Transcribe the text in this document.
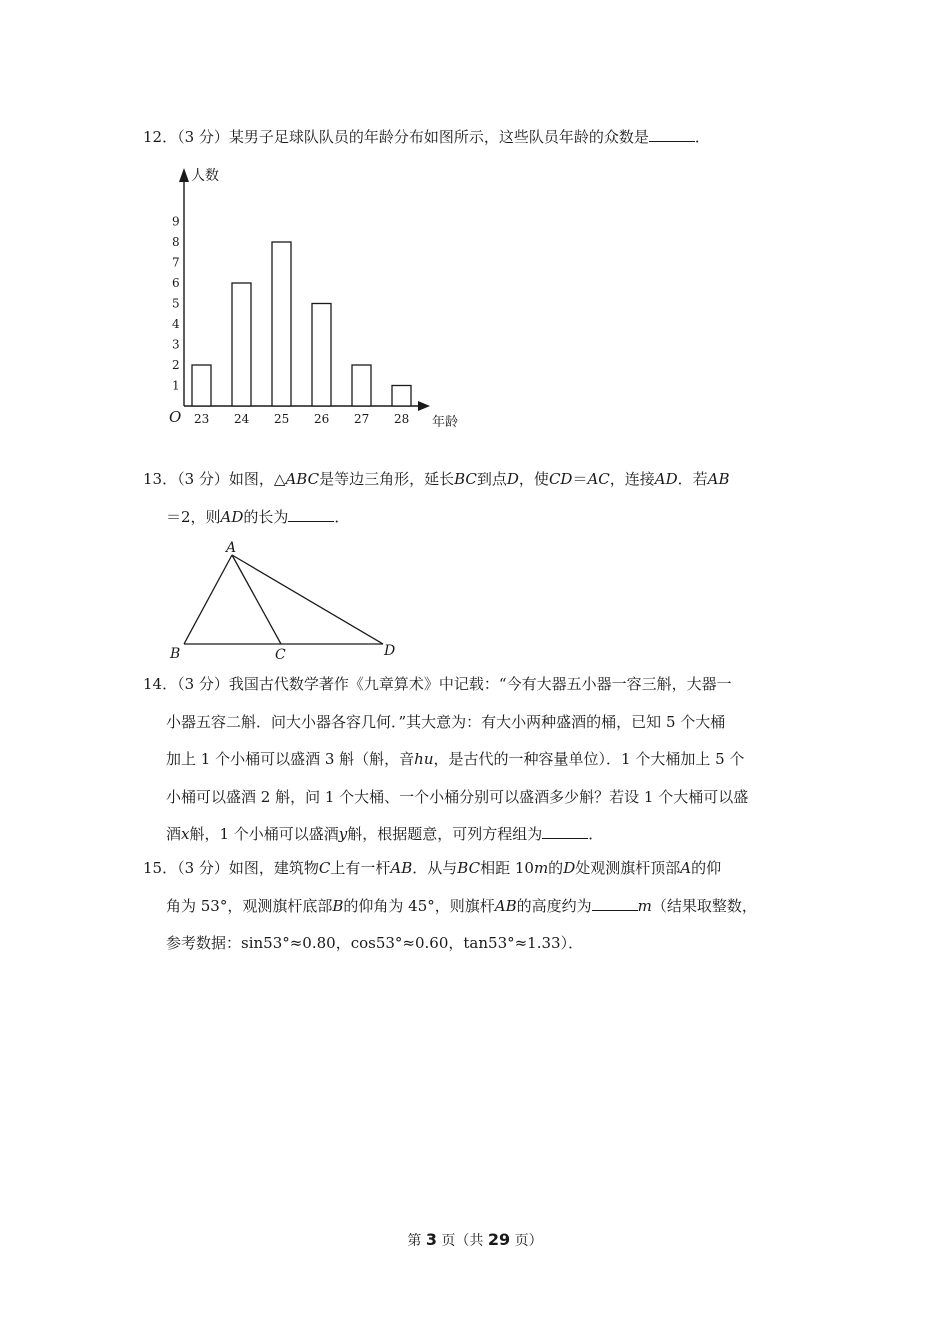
12．（3 分）某男子足球队队员的年龄分布如图所示，这些队员年龄的众数是	．
人数
年龄
O
1
2
3
4
5
6
7
8
9
23 24 25 26 27 28
13．（3 分）如图，△ABC是等边三角形，延长BC到点D，使CD＝AC，连接AD．若AB
＝2，则AD的长为	．
A
B	C	D
14．（3 分）我国古代数学著作《九章算术》中记载：“今有大器五小器一容三斛，大器一
小器五容二斛．问大小器各容几何．”其大意为：有大小两种盛酒的桶，已知 5 个大桶
加上 1 个小桶可以盛酒 3 斛（斛，音hu，是古代的一种容量单位）．1 个大桶加上 5 个
小桶可以盛酒 2 斛，问 1 个大桶、一个小桶分别可以盛酒多少斛？若设 1 个大桶可以盛
酒x斛，1 个小桶可以盛酒y斛，根据题意，可列方程组为	．
15．（3 分）如图，建筑物C上有一杆AB．从与BC相距 10m的D处观测旗杆顶部A的仰
角为 53°，观测旗杆底部B的仰角为 45°，则旗杆AB的高度约为	m（结果取整数，
参考数据：sin53°≈0.80，cos53°≈0.60，tan53°≈1.33）．
第 3 页（共 29 页）
